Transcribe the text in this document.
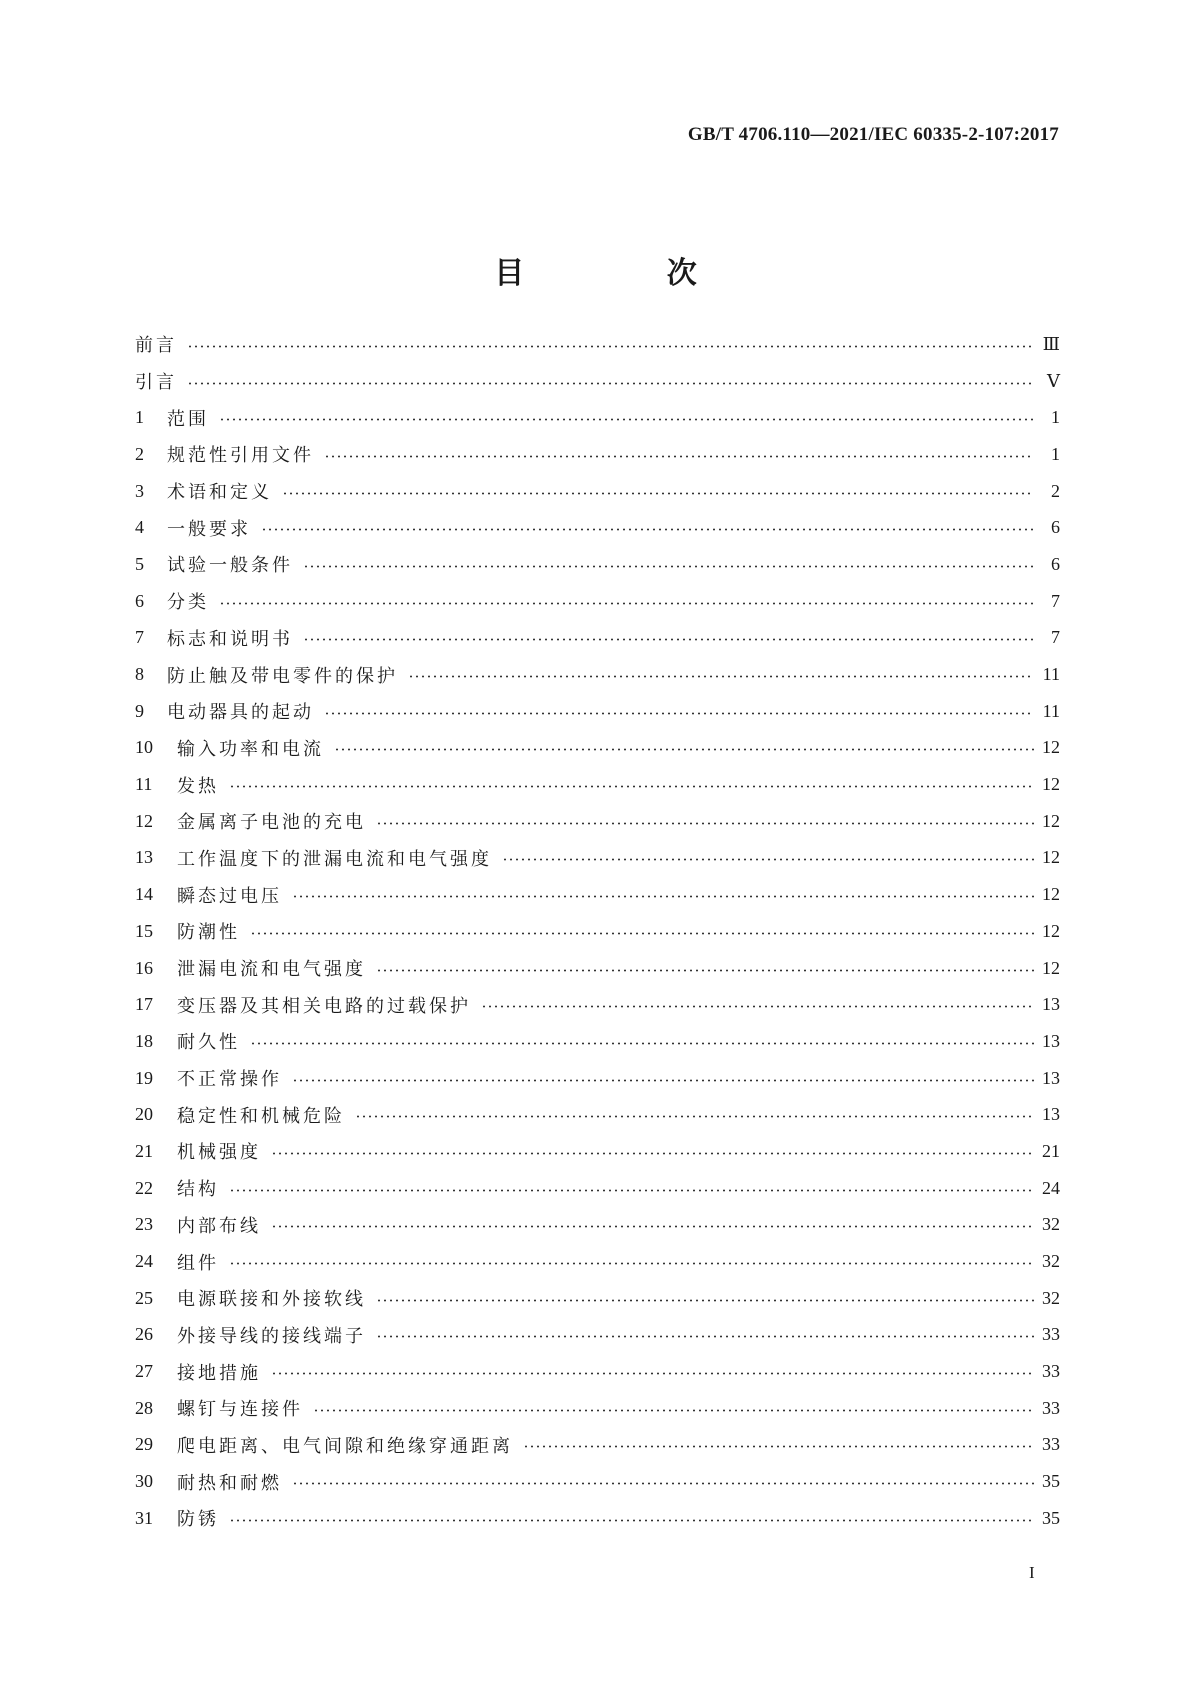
GB/T 4706.110—2021/IEC 60335-2-107:2017
目 次
前言	Ⅲ
引言	Ⅴ
1	范围	1
2	规范性引用文件	1
3	术语和定义	2
4	一般要求	6
5	试验一般条件	6
6	分类	7
7	标志和说明书	7
8	防止触及带电零件的保护	11
9	电动器具的起动	11
10	输入功率和电流	12
11	发热	12
12	金属离子电池的充电	12
13	工作温度下的泄漏电流和电气强度	12
14	瞬态过电压	12
15	防潮性	12
16	泄漏电流和电气强度	12
17	变压器及其相关电路的过载保护	13
18	耐久性	13
19	不正常操作	13
20	稳定性和机械危险	13
21	机械强度	21
22	结构	24
23	内部布线	32
24	组件	32
25	电源联接和外接软线	32
26	外接导线的接线端子	33
27	接地措施	33
28	螺钉与连接件	33
29	爬电距离、电气间隙和绝缘穿通距离	33
30	耐热和耐燃	35
31	防锈	35
I
